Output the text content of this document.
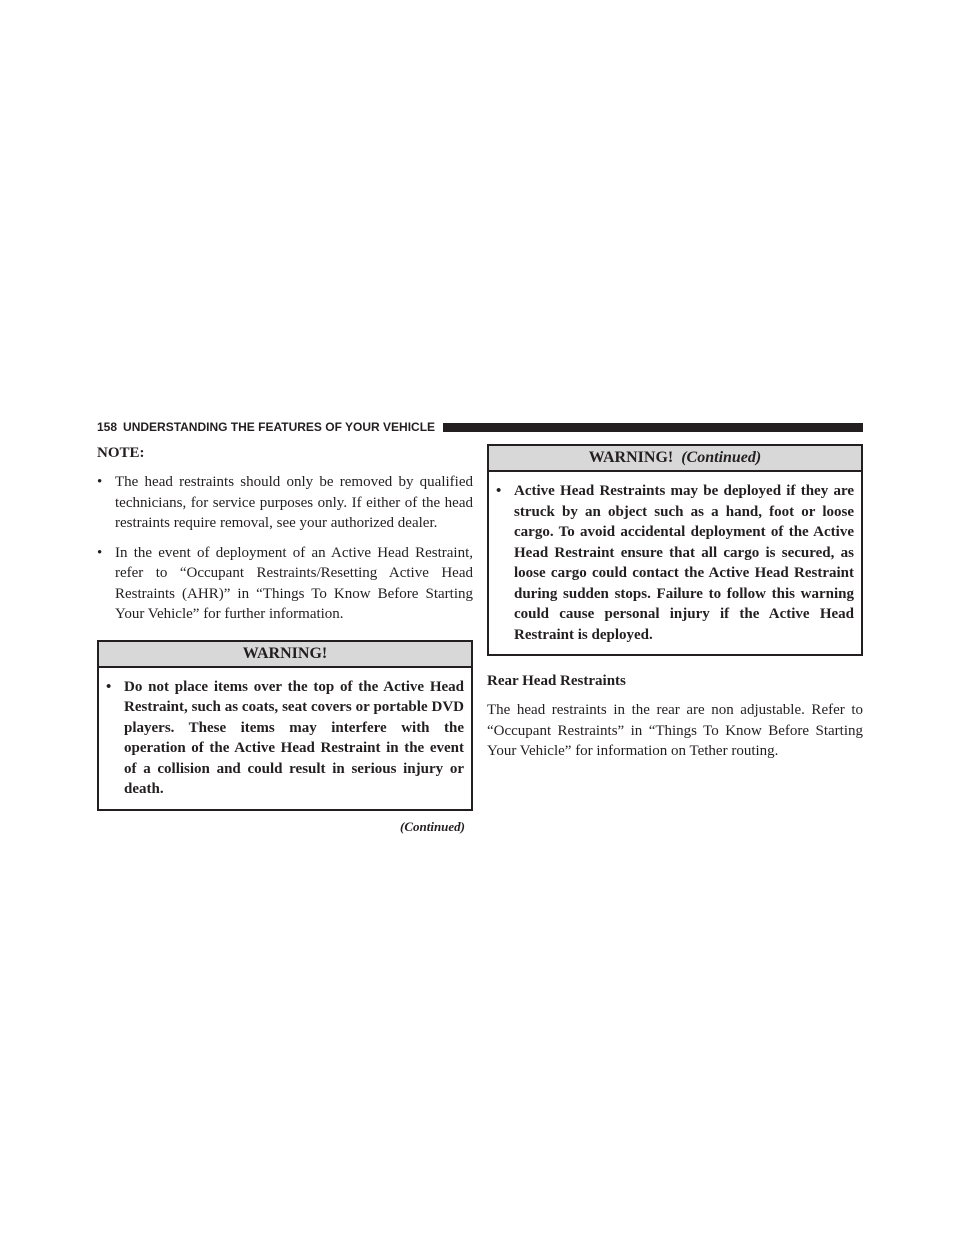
158 UNDERSTANDING THE FEATURES OF YOUR VEHICLE
NOTE:
• The head restraints should only be removed by qualified technicians, for service purposes only. If either of the head restraints require removal, see your authorized dealer.
• In the event of deployment of an Active Head Restraint, refer to “Occupant Restraints/Resetting Active Head Restraints (AHR)” in “Things To Know Before Starting Your Vehicle” for further information.
WARNING!
• Do not place items over the top of the Active Head Restraint, such as coats, seat covers or portable DVD players. These items may interfere with the operation of the Active Head Restraint in the event of a collision and could result in serious injury or death.
(Continued)
WARNING! (Continued)
• Active Head Restraints may be deployed if they are struck by an object such as a hand, foot or loose cargo. To avoid accidental deployment of the Active Head Restraint ensure that all cargo is secured, as loose cargo could contact the Active Head Restraint during sudden stops. Failure to follow this warning could cause personal injury if the Active Head Restraint is deployed.
Rear Head Restraints

The head restraints in the rear are non adjustable. Refer to “Occupant Restraints” in “Things To Know Before Starting Your Vehicle” for information on Tether routing.
